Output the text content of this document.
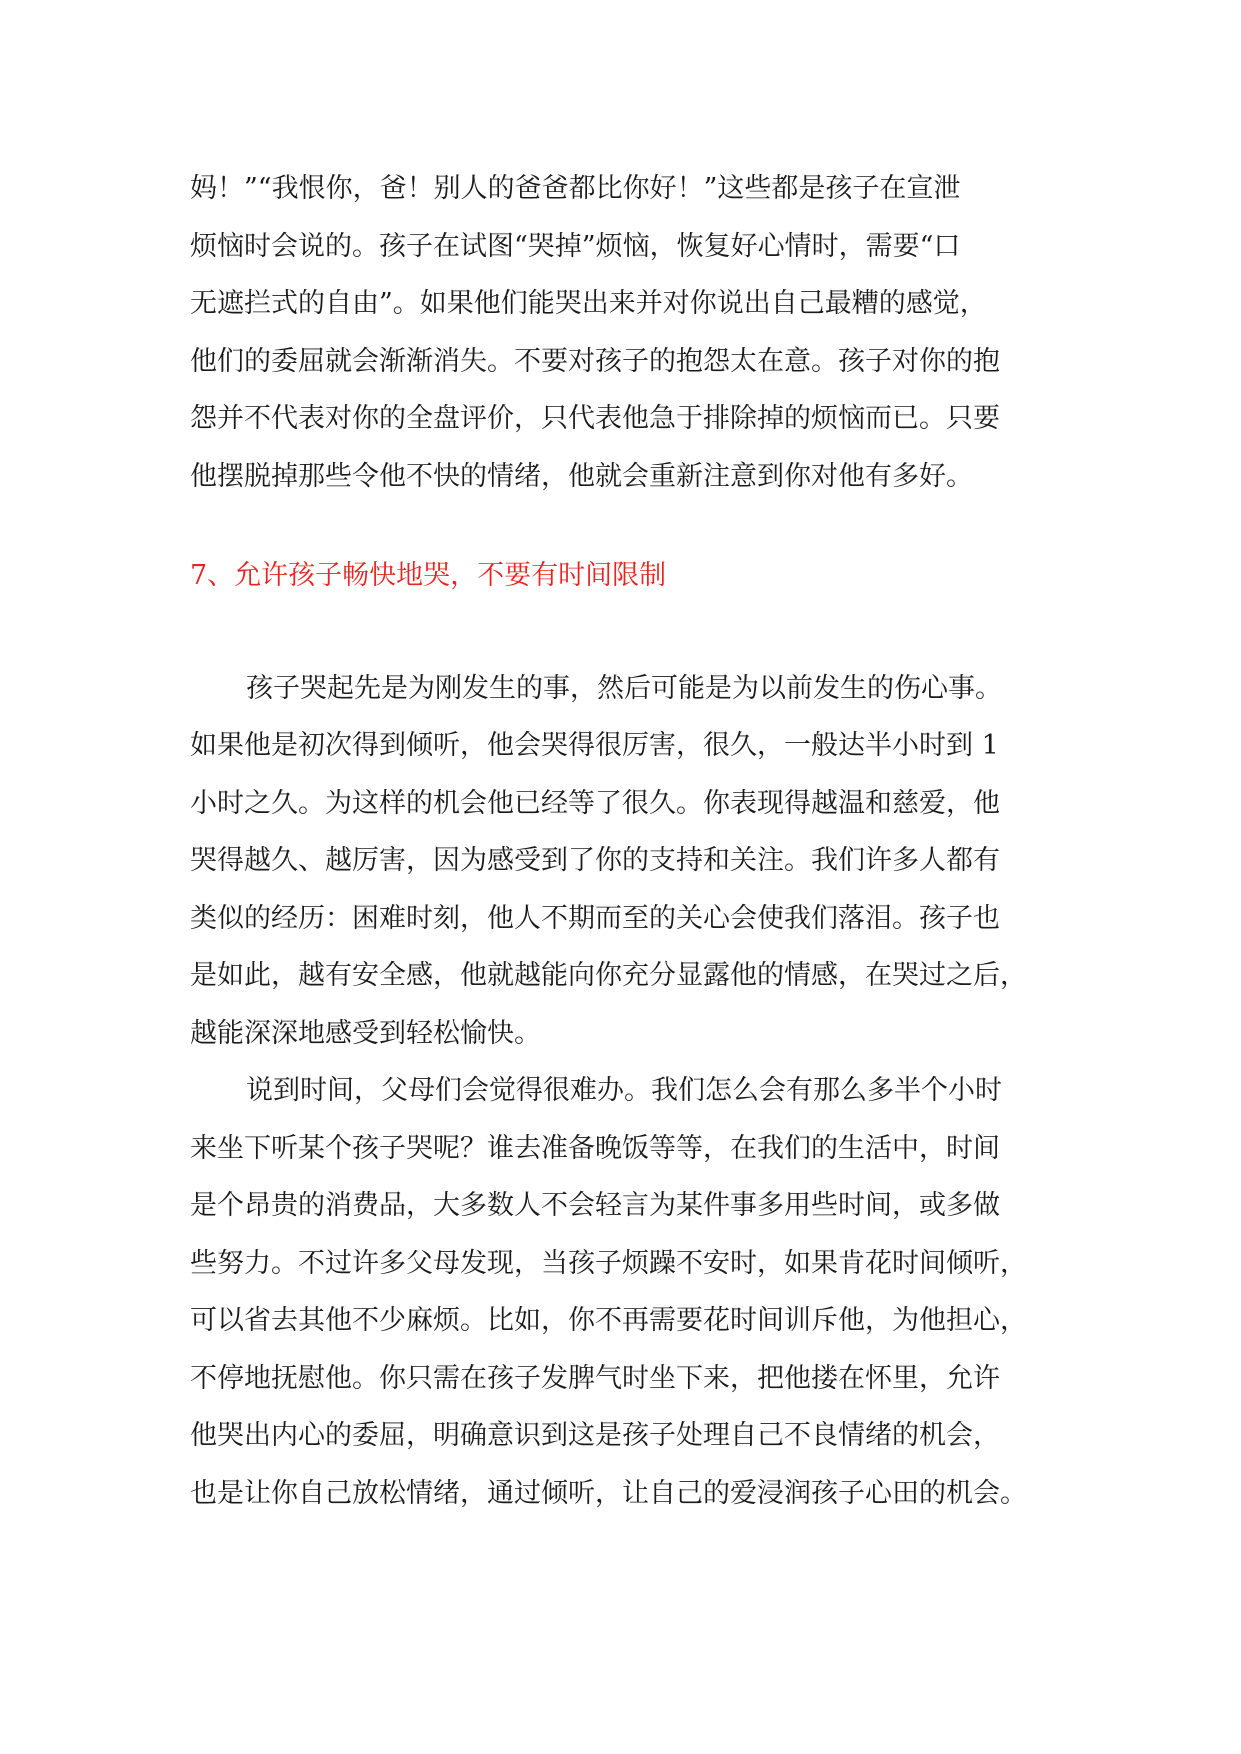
妈！”“我恨你，爸！别人的爸爸都比你好！”这些都是孩子在宣泄
烦恼时会说的。孩子在试图“哭掉”烦恼，恢复好心情时，需要“口
无遮拦式的自由”。如果他们能哭出来并对你说出自己最糟的感觉，
他们的委屈就会渐渐消失。不要对孩子的抱怨太在意。孩子对你的抱
怨并不代表对你的全盘评价，只代表他急于排除掉的烦恼而已。只要
他摆脱掉那些令他不快的情绪，他就会重新注意到你对他有多好。
7、允许孩子畅快地哭，不要有时间限制
孩子哭起先是为刚发生的事，然后可能是为以前发生的伤心事。
如果他是初次得到倾听，他会哭得很厉害，很久，一般达半小时到 1
小时之久。为这样的机会他已经等了很久。你表现得越温和慈爱，他
哭得越久、越厉害，因为感受到了你的支持和关注。我们许多人都有
类似的经历：困难时刻，他人不期而至的关心会使我们落泪。孩子也
是如此，越有安全感，他就越能向你充分显露他的情感，在哭过之后，
越能深深地感受到轻松愉快。
说到时间，父母们会觉得很难办。我们怎么会有那么多半个小时
来坐下听某个孩子哭呢？谁去准备晚饭等等，在我们的生活中，时间
是个昂贵的消费品，大多数人不会轻言为某件事多用些时间，或多做
些努力。不过许多父母发现，当孩子烦躁不安时，如果肯花时间倾听，
可以省去其他不少麻烦。比如，你不再需要花时间训斥他，为他担心，
不停地抚慰他。你只需在孩子发脾气时坐下来，把他搂在怀里，允许
他哭出内心的委屈，明确意识到这是孩子处理自己不良情绪的机会，
也是让你自己放松情绪，通过倾听，让自己的爱浸润孩子心田的机会。
